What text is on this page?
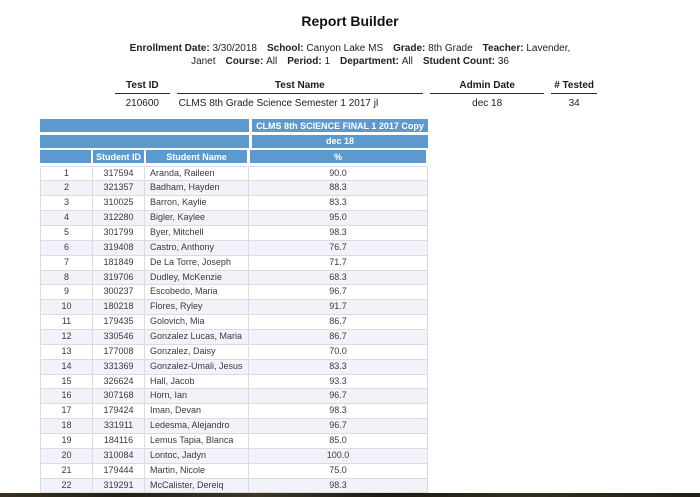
Report Builder
Enrollment Date: 3/30/2018 School: Canyon Lake MS Grade: 8th Grade Teacher: Lavender,
Janet Course: All Period: 1 Department: All Student Count: 36
Test ID	Test Name	Admin Date	# Tested
210600	CLMS 8th Grade Science Semester 1 2017 jl	dec 18	34
CLMS 8th SCIENCE FINAL 1 2017 Copy
dec 18
Student ID	Student Name	%
1	317594	Aranda, Raileen	90.0
2	321357	Badham, Hayden	88.3
3	310025	Barron, Kaylie	83.3
4	312280	Bigler, Kaylee	95.0
5	301799	Byer, Mitchell	98.3
6	319408	Castro, Anthony	76.7
7	181849	De La Torre, Joseph	71.7
8	319706	Dudley, McKenzie	68.3
9	300237	Escobedo, Maria	96.7
10	180218	Flores, Ryley	91.7
11	179435	Golovich, Mia	86.7
12	330546	Gonzalez Lucas, Maria	86.7
13	177008	Gonzalez, Daisy	70.0
14	331369	Gonzalez-Umali, Jesus	83.3
15	326624	Hall, Jacob	93.3
16	307168	Horn, Ian	96.7
17	179424	Iman, Devan	98.3
18	331911	Ledesma, Alejandro	96.7
19	184116	Lemus Tapia, Blanca	85.0
20	310084	Lontoc, Jadyn	100.0
21	179444	Martin, Nicole	75.0
22	319291	McCalister, Dereiq	98.3
